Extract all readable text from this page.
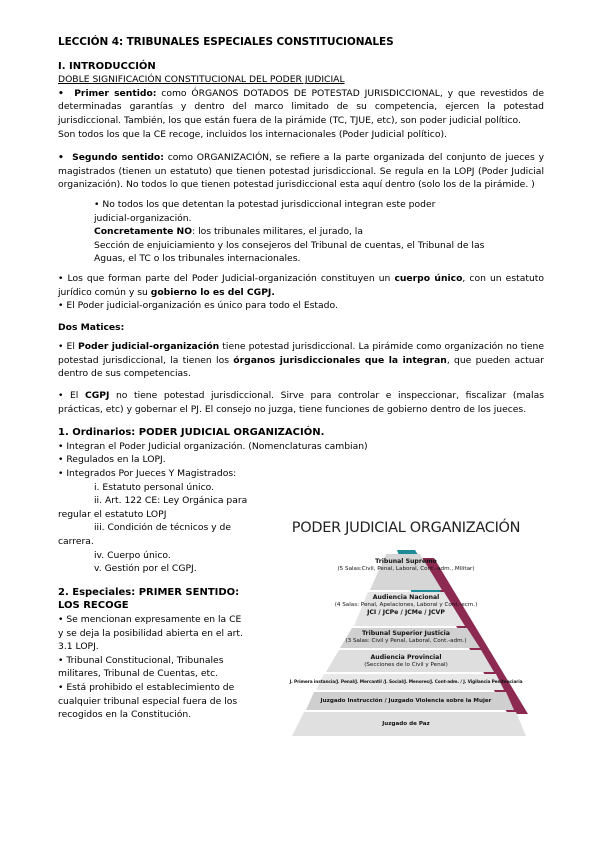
LECCIÓN 4: TRIBUNALES ESPECIALES CONSTITUCIONALES
I. INTRODUCCIÓN

DOBLE SIGNIFICACIÓN CONSTITUCIONAL DEL PODER JUDICIAL

• Primer sentido: como ÓRGANOS DOTADOS DE POTESTAD JURISDICCIONAL, y que revestidos de determinadas garantías y dentro del marco limitado de su competencia, ejercen la potestad jurisdiccional. También, los que están fuera de la pirámide (TC, TJUE, etc), son poder judicial político.

Son todos los que la CE recoge, incluidos los internacionales (Poder Judicial político).

• Segundo sentido: como ORGANIZACIÓN, se refiere a la parte organizada del conjunto de jueces y magistrados (tienen un estatuto) que tienen potestad jurisdiccional. Se regula en la LOPJ (Poder Judicial organización). No todos lo que tienen potestad jurisdiccional esta aquí dentro (solo los de la pirámide. )

• No todos los que detentan la potestad jurisdiccional integran este poder

judicial-organización.

Concretamente NO: los tribunales militares, el jurado, la

Sección de enjuiciamiento y los consejeros del Tribunal de cuentas, el Tribunal de las

Aguas, el TC o los tribunales internacionales.

• Los que forman parte del Poder Judicial-organización constituyen un cuerpo único, con un estatuto jurídico común y su gobierno lo es del CGPJ.

• El Poder judicial-organización es único para todo el Estado.

Dos Matices:

• El Poder judicial-organización tiene potestad jurisdiccional. La pirámide como organización no tiene potestad jurisdiccional, la tienen los órganos jurisdiccionales que la integran, que pueden actuar dentro de sus competencias.

• El CGPJ no tiene potestad jurisdiccional. Sirve para controlar e inspeccionar, fiscalizar (malas prácticas, etc) y gobernar el PJ. El consejo no juzga, tiene funciones de gobierno dentro de los jueces.

1. Ordinarios: PODER JUDICIAL ORGANIZACIÓN.

• Integran el Poder Judicial organización. (Nomenclaturas cambian)

• Regulados en la LOPJ.

• Integrados Por Jueces Y Magistrados:

i. Estatuto personal único.

ii. Art. 122 CE: Ley Orgánica para

regular el estatuto LOPJ

iii. Condición de técnicos y de

carrera.

iv. Cuerpo único.

v. Gestión por el CGPJ.

2. Especiales: PRIMER SENTIDO:
LOS RECOGE

• Se mencionan expresamente en la CE

y se deja la posibilidad abierta en el art.

3.1 LOPJ.

• Tribunal Constitucional, Tribunales

militares, Tribunal de Cuentas, etc.

• Está prohibido el establecimiento de

cualquier tribunal especial fuera de los

recogidos en la Constitución.

PODER JUDICIAL ORGANIZACIÓN
Tribunal Supremo
(5 Salas:Civil, Penal, Laboral, Cont.-adm., Militar)
Audiencia Nacional
(4 Salas: Penal, Apelaciones, Laboral y Cont.-ecm.)
JCI / JCPe / JCMe / JCVP
Tribunal Superior Justicia
(3 Salas: Civil y Penal, Laboral, Cont.-adm.)
Audiencia Provincial
(Secciones de lo Civil y Penal)
J. Primera instancia/J. Penal/J. Mercantil /J. Social/J. Menores/J. Cont-adm. / J. Vigilancia Penitenciaria
Juzgado Instrucción / Juzgado Violencia sobre la Mujer
Juzgado de Paz
